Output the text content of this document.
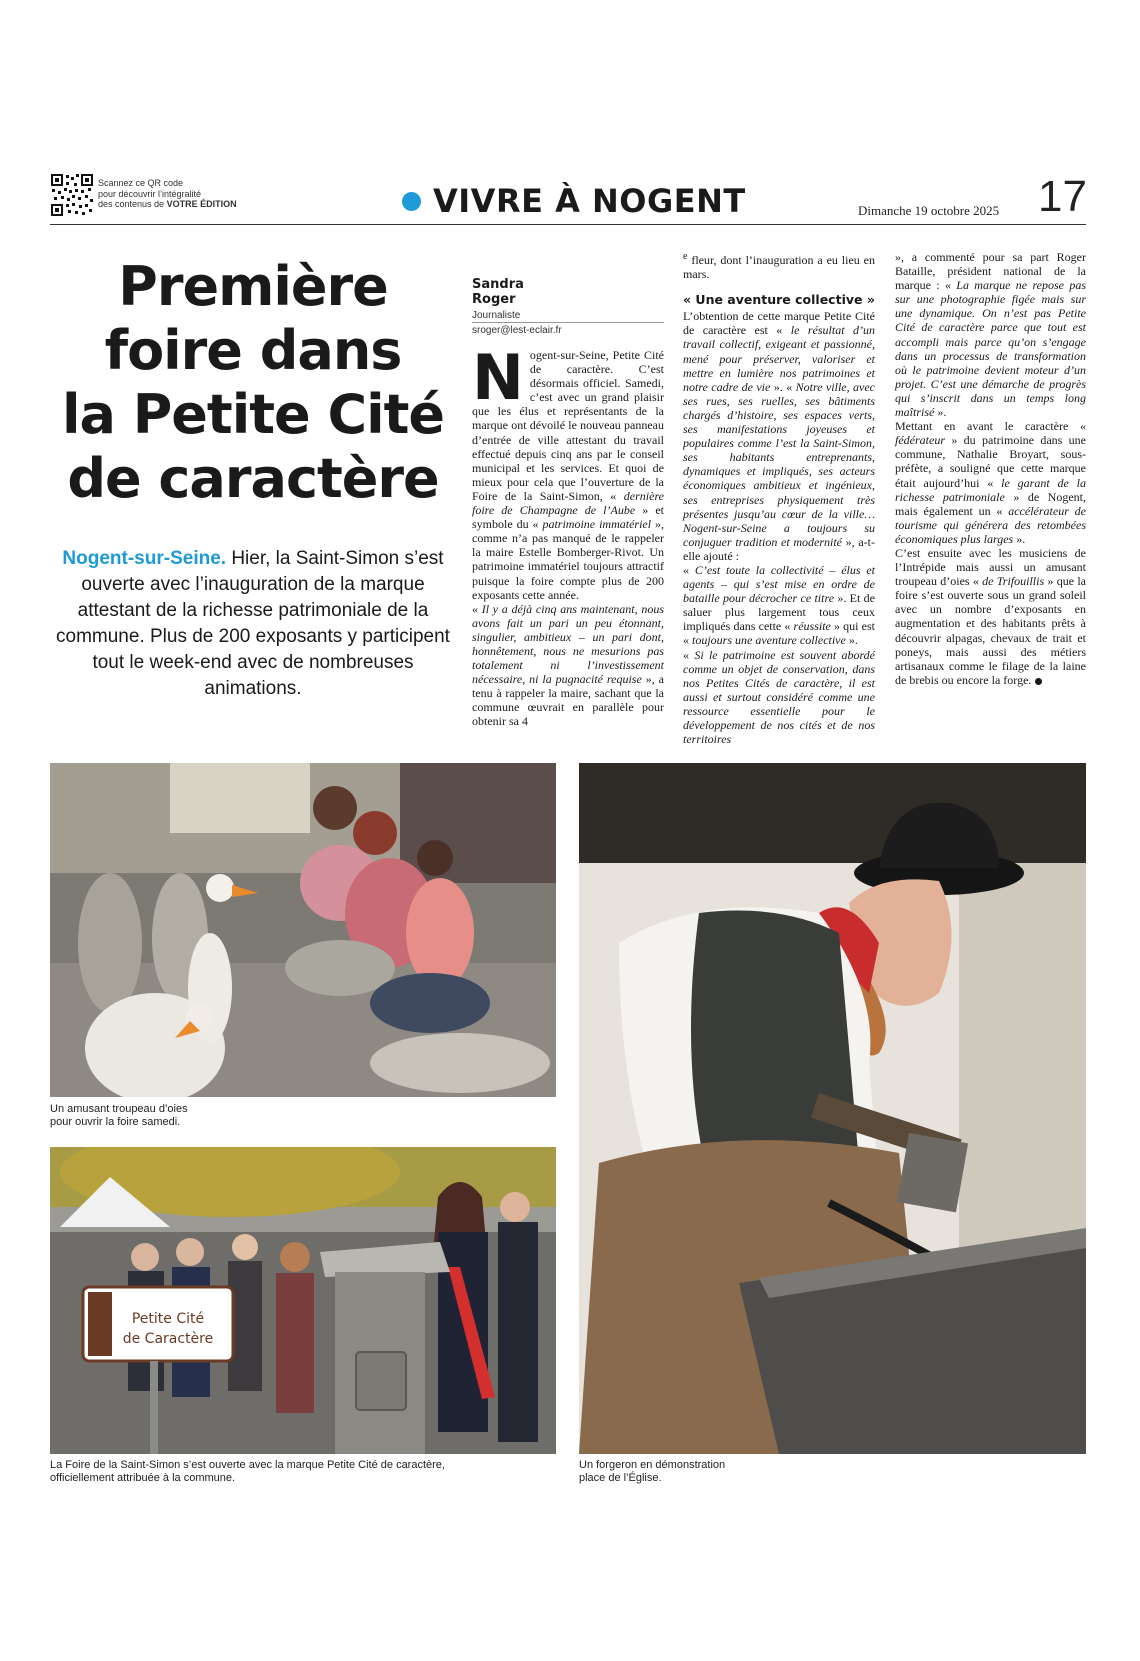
Scannez ce QR code
pour découvrir l’intégralité
des contenus de VOTRE ÉDITION	VIVRE À NOGENT	Dimanche 19 octobre 2025 17
Première
foire dans
la Petite Cité
de caractère
Nogent-sur-Seine. Hier, la Saint-Simon s’est ouverte avec l’inauguration de la marque attestant de la richesse patrimoniale de la commune. Plus de 200 exposants y participent tout le week-end avec de nombreuses animations.
Sandra
Roger
Journaliste
sroger@lest-eclair.fr

Nogent-sur-Seine, Petite Cité de caractère. C’est désormais officiel. Samedi, c’est avec un grand plaisir que les élus et représentants de la marque ont dévoilé le nouveau panneau d’entrée de ville attestant du travail effectué depuis cinq ans par le conseil municipal et les services. Et quoi de mieux pour cela que l’ouverture de la Foire de la Saint-Simon, « dernière foire de Champagne de l’Aube » et symbole du « patrimoine immatériel », comme n’a pas manqué de le rappeler la maire Estelle Bomberger-Rivot. Un patrimoine immatériel toujours attractif puisque la foire compte plus de 200 exposants cette année.

« Il y a déjà cinq ans maintenant, nous avons fait un pari un peu étonnant, singulier, ambitieux – un pari dont, honnêtement, nous ne mesurions pas totalement ni l’investissement nécessaire, ni la pugnacité requise », a tenu à rappeler la maire, sachant que la commune œuvrait en parallèle pour obtenir sa 4

$^e$ fleur, dont l’inauguration a eu lieu en mars.

« Une aventure collective »

L’obtention de cette marque Petite Cité de caractère est « le résultat d’un travail collectif, exigeant et passionné, mené pour préserver, valoriser et mettre en lumière nos patrimoines et notre cadre de vie ». « Notre ville, avec ses rues, ses ruelles, ses bâtiments chargés d’histoire, ses espaces verts, ses manifestations joyeuses et populaires comme l’est la Saint-Simon, ses habitants entreprenants, dynamiques et impliqués, ses acteurs économiques ambitieux et ingénieux, ses entreprises physiquement très présentes jusqu’au cœur de la ville… Nogent-sur-Seine a toujours su conjuguer tradition et modernité », a-t-elle ajouté :

« C’est toute la collectivité – élus et agents – qui s’est mise en ordre de bataille pour décrocher ce titre ». Et de saluer plus largement tous ceux impliqués dans cette « réussite » qui est « toujours une aventure collective ».

« Si le patrimoine est souvent abordé comme un objet de conservation, dans nos Petites Cités de caractère, il est aussi et surtout considéré comme une ressource essentielle pour le développement de nos cités et de nos territoires

», a commenté pour sa part Roger Bataille, président national de la marque : « La marque ne repose pas sur une photographie figée mais sur une dynamique. On n’est pas Petite Cité de caractère parce que tout est accompli mais parce qu’on s’engage dans un processus de transformation où le patrimoine devient moteur d’un projet. C’est une démarche de progrès qui s’inscrit dans un temps long maîtrisé ».

Mettant en avant le caractère « fédérateur » du patrimoine dans une commune, Nathalie Broyart, sous-préfète, a souligné que cette marque était aujourd’hui « le garant de la richesse patrimoniale » de Nogent, mais également un « accélérateur de tourisme qui générera des retombées économiques plus larges ».

C’est ensuite avec les musiciens de l’Intrépide mais aussi un amusant troupeau d’oies « de Trifouillis » que la foire s’est ouverte sous un grand soleil avec un nombre d’exposants en augmentation et des habitants prêts à découvrir alpagas, chevaux de trait et poneys, mais aussi des métiers artisanaux comme le filage de la laine de brebis ou encore la forge.

Un amusant troupeau d’oies
pour ouvrir la foire samedi.
Petite Cité
de Caractère
La Foire de la Saint-Simon s’est ouverte avec la marque Petite Cité de caractère,
officiellement attribuée à la commune.
Un forgeron en démonstration
place de l’Église.
